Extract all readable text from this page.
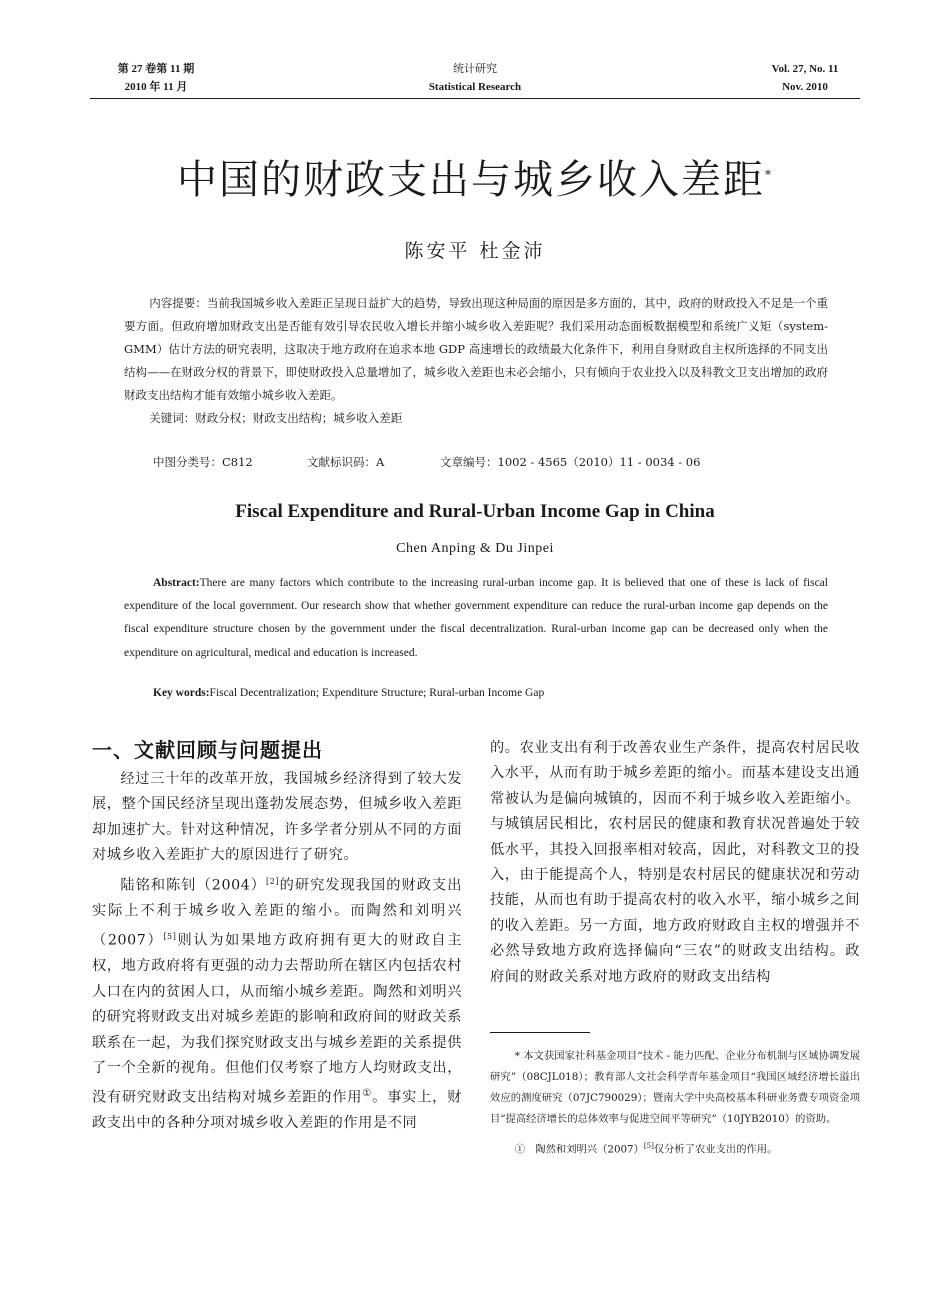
第 27 卷第 11 期
2010 年 11 月
统计研究
Statistical Research
Vol. 27, No. 11
Nov. 2010
中国的财政支出与城乡收入差距*
陈安平 杜金沛

内容提要：当前我国城乡收入差距正呈现日益扩大的趋势，导致出现这种局面的原因是多方面的，其中，政府的财政投入不足是一个重要方面。但政府增加财政支出是否能有效引导农民收入增长并缩小城乡收入差距呢？我们采用动态面板数据模型和系统广义矩（system-GMM）估计方法的研究表明，这取决于地方政府在追求本地 GDP 高速增长的政绩最大化条件下，利用自身财政自主权所选择的不同支出结构——在财政分权的背景下，即使财政投入总量增加了，城乡收入差距也未必会缩小，只有倾向于农业投入以及科教文卫支出增加的政府财政支出结构才能有效缩小城乡收入差距。

关键词：财政分权；财政支出结构；城乡收入差距

中图分类号：C812	文献标识码：A	文章编号：1002 - 4565（2010）11 - 0034 - 06
Fiscal Expenditure and Rural-Urban Income Gap in China
Chen Anping & Du Jinpei
Abstract:There are many factors which contribute to the increasing rural-urban income gap. It is believed that one of these is lack of fiscal expenditure of the local government. Our research show that whether government expenditure can reduce the rural-urban income gap depends on the fiscal expenditure structure chosen by the government under the fiscal decentralization. Rural-urban income gap can be decreased only when the expenditure on agricultural, medical and education is increased.
Key words:Fiscal Decentralization; Expenditure Structure; Rural-urban Income Gap
一、文献回顾与问题提出

经过三十年的改革开放，我国城乡经济得到了较大发展，整个国民经济呈现出蓬勃发展态势，但城乡收入差距却加速扩大。针对这种情况，许多学者分别从不同的方面对城乡收入差距扩大的原因进行了研究。

陆铭和陈钊（2004）[2]的研究发现我国的财政支出实际上不利于城乡收入差距的缩小。而陶然和刘明兴（2007）[5]则认为如果地方政府拥有更大的财政自主权，地方政府将有更强的动力去帮助所在辖区内包括农村人口在内的贫困人口，从而缩小城乡差距。陶然和刘明兴的研究将财政支出对城乡差距的影响和政府间的财政关系联系在一起，为我们探究财政支出与城乡差距的关系提供了一个全新的视角。但他们仅考察了地方人均财政支出，没有研究财政支出结构对城乡差距的作用①。事实上，财政支出中的各种分项对城乡收入差距的作用是不同

的。农业支出有利于改善农业生产条件，提高农村居民收入水平，从而有助于城乡差距的缩小。而基本建设支出通常被认为是偏向城镇的，因而不利于城乡收入差距缩小。与城镇居民相比，农村居民的健康和教育状况普遍处于较低水平，其投入回报率相对较高，因此，对科教文卫的投入，由于能提高个人，特别是农村居民的健康状况和劳动技能，从而也有助于提高农村的收入水平，缩小城乡之间的收入差距。另一方面，地方政府财政自主权的增强并不必然导致地方政府选择偏向“三农”的财政支出结构。政府间的财政关系对地方政府的财政支出结构

* 本文获国家社科基金项目“技术 - 能力匹配、企业分布机制与区域协调发展研究”（08CJL018）；教育部人文社会科学青年基金项目“我国区域经济增长溢出效应的测度研究（07JC790029）；暨南大学中央高校基本科研业务费专项资金项目“提高经济增长的总体效率与促进空间平等研究”（10JYB2010）的资助。

①　陶然和刘明兴（2007）[5]仅分析了农业支出的作用。
